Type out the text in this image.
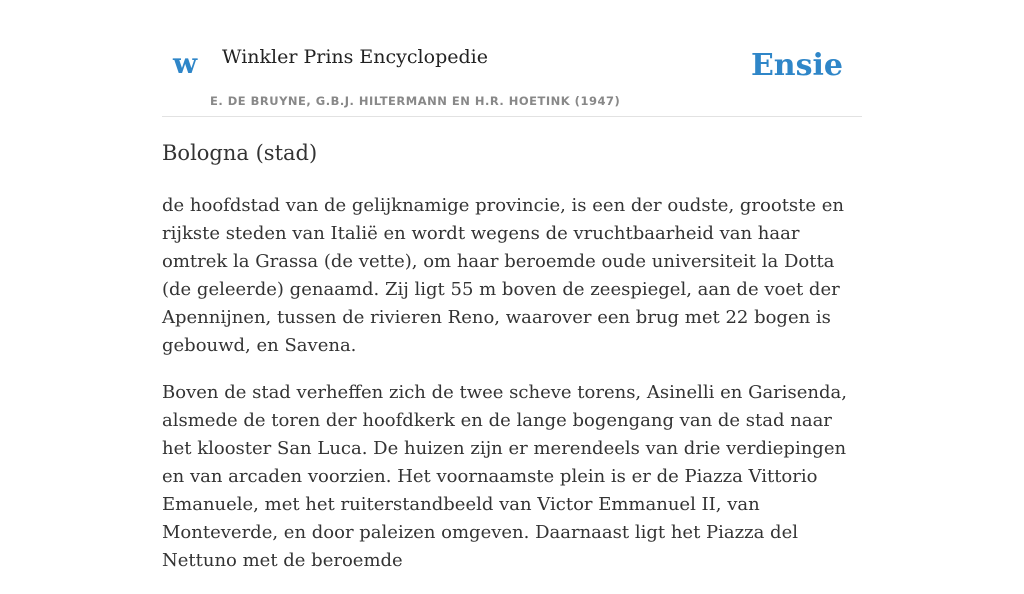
w Winkler Prins Encyclopedie
E. DE BRUYNE, G.B.J. HILTERMANN EN H.R. HOETINK (1947)
Ensie
Bologna (stad)

de hoofdstad van de gelijknamige provincie, is een der oudste, grootste en rijkste steden van Italië en wordt wegens de vruchtbaarheid van haar omtrek la Grassa (de vette), om haar beroemde oude universiteit la Dotta (de geleerde) genaamd. Zij ligt 55 m boven de zeespiegel, aan de voet der Apennijnen, tussen de rivieren Reno, waarover een brug met 22 bogen is gebouwd, en Savena.

Boven de stad verheffen zich de twee scheve torens, Asinelli en Garisenda, alsmede de toren der hoofdkerk en de lange bogengang van de stad naar het klooster San Luca. De huizen zijn er merendeels van drie verdiepingen en van arcaden voorzien. Het voornaamste plein is er de Piazza Vittorio Emanuele, met het ruiterstandbeeld van Victor Emmanuel II, van Monteverde, en door paleizen omgeven. Daarnaast ligt het Piazza del Nettuno met de beroemde
